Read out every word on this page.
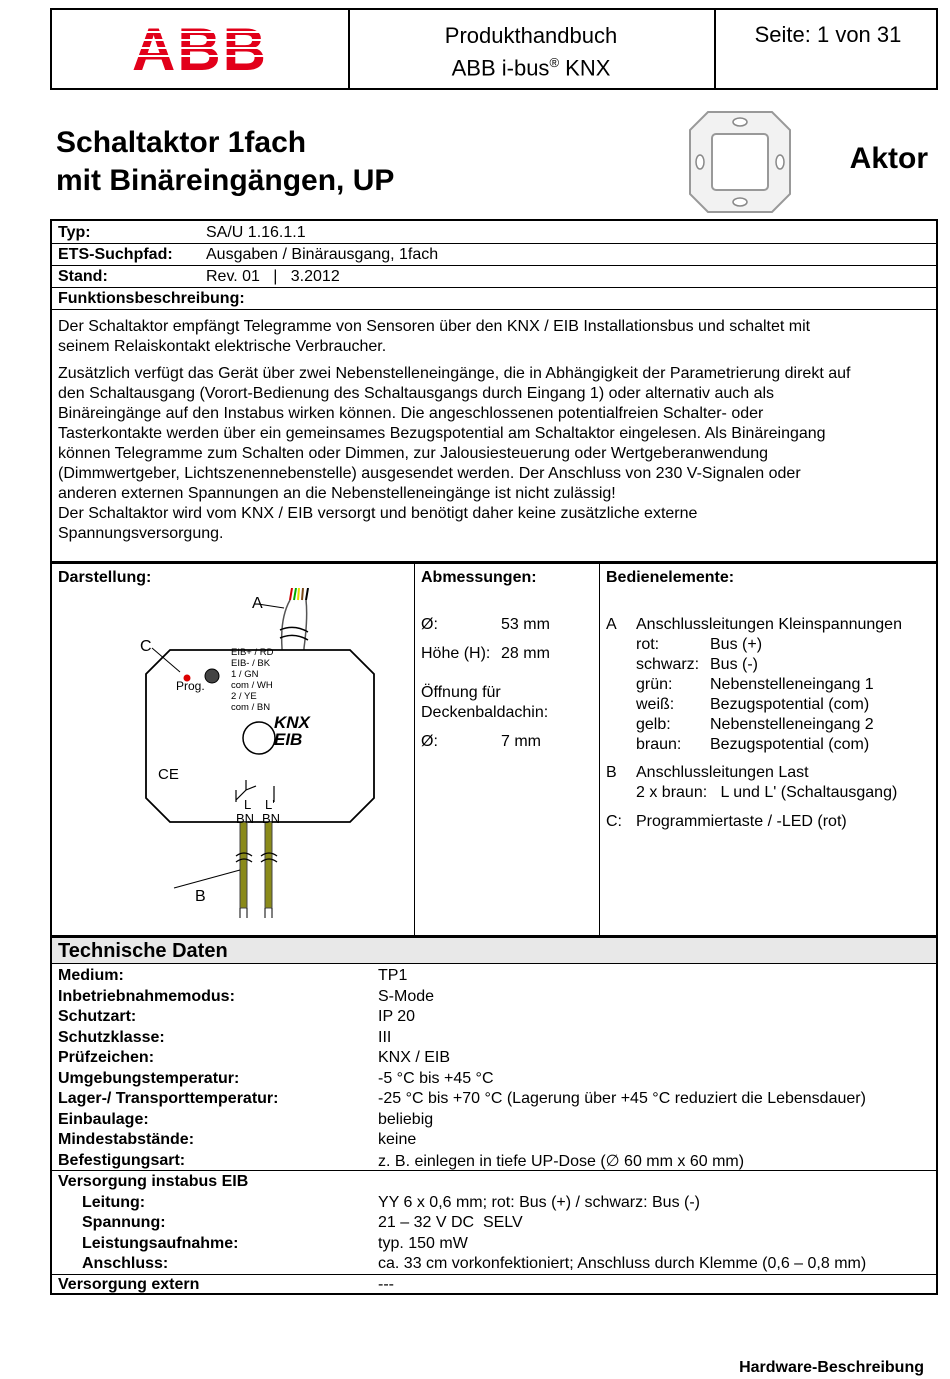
ABB	Produkthandbuch
ABB i-bus® KNX
Seite: 1 von 31
Schaltaktor 1fach
mit Binäreingängen, UP
Aktor
Typ:	SA/U 1.16.1.1
ETS-Suchpfad: Ausgaben / Binärausgang, 1fach
Stand:	Rev. 01   |   3.2012
Funktionsbeschreibung:
Der Schaltaktor empfängt Telegramme von Sensoren über den KNX / EIB Installationsbus und schaltet mit
seinem Relaiskontakt elektrische Verbraucher.
Zusätzlich verfügt das Gerät über zwei Nebenstelleneingänge, die in Abhängigkeit der Parametrierung direkt auf
den Schaltausgang (Vorort-Bedienung des Schaltausgangs durch Eingang 1) oder alternativ auch als
Binäreingänge auf den Instabus wirken können. Die angeschlossenen potentialfreien Schalter- oder
Tasterkontakte werden über ein gemeinsames Bezugspotential am Schaltaktor eingelesen. Als Binäreingang
können Telegramme zum Schalten oder Dimmen, zur Jalousiesteuerung oder Wertgeberanwendung
(Dimmwertgeber, Lichtszenennebenstelle) ausgesendet werden. Der Anschluss von 230 V-Signalen oder
anderen externen Spannungen an die Nebenstelleneingänge ist nicht zulässig!
Der Schaltaktor wird vom KNX / EIB versorgt und benötigt daher keine zusätzliche externe
Spannungsversorgung.
Darstellung:
A
C
B
Prog.
EIB+ / RD
EIB- / BK
1 / GN
com / WH
2 / YE
com / BN
KNX
EIB
CE
L L'
BN BN
Abmessungen:
Ø:	53 mm
Höhe (H): 28 mm
Öffnung für
Deckenbaldachin:
Ø:	7 mm
Bedienelemente:
A Anschlussleitungen Kleinspannungen
rot:	Bus (+)
schwarz: Bus (-)
grün: Nebenstelleneingang 1
weiß: Bezugspotential (com)
gelb: Nebenstelleneingang 2
braun: Bezugspotential (com)
B Anschlussleitungen Last
2 x braun:   L und L' (Schaltausgang)
C: Programmiertaste / -LED (rot)
Technische Daten
Medium:	TP1
Inbetriebnahmemodus:	S-Mode
Schutzart:	IP 20
Schutzklasse:	III
Prüfzeichen:	KNX / EIB
Umgebungstemperatur:	-5 °C bis +45 °C
Lager-/ Transporttemperatur:	-25 °C bis +70 °C (Lagerung über +45 °C reduziert die Lebensdauer)
Einbaulage:	beliebig
Mindestabstände:	keine
Befestigungsart:	z. B. einlegen in tiefe UP-Dose (∅ 60 mm x 60 mm)
Versorgung instabus EIB
Leitung:	YY 6 x 0,6 mm; rot: Bus (+) / schwarz: Bus (-)
Spannung:	21 – 32 V DC  SELV
Leistungsaufnahme:	typ. 150 mW
Anschluss:	ca. 33 cm vorkonfektioniert; Anschluss durch Klemme (0,6 – 0,8 mm)
Versorgung extern	---
Hardware-Beschreibung
